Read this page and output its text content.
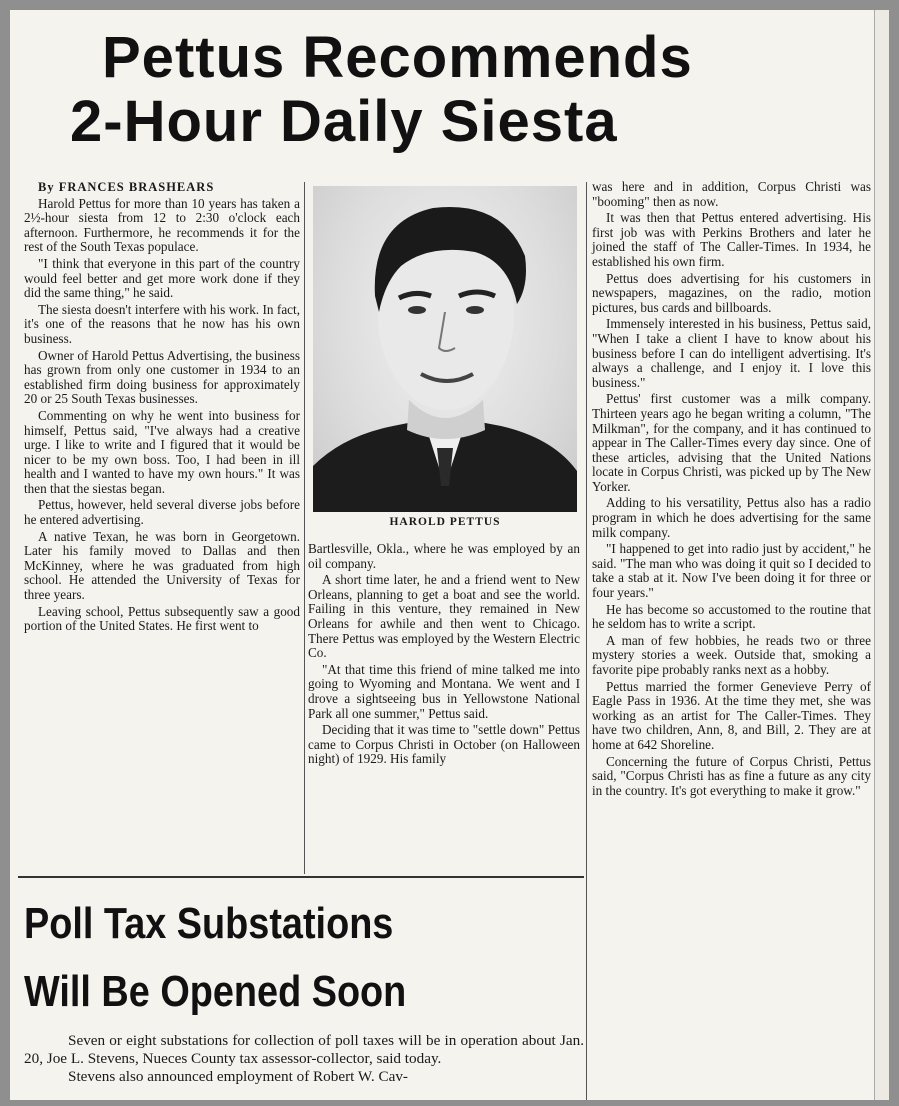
Pettus Recommends
2-Hour Daily Siesta

By FRANCES BRASHEARS

Harold Pettus for more than 10 years has taken a 2½-hour siesta from 12 to 2:30 o'clock each afternoon. Furthermore, he recommends it for the rest of the South Texas populace.

"I think that everyone in this part of the country would feel better and get more work done if they did the same thing," he said.

The siesta doesn't interfere with his work. In fact, it's one of the reasons that he now has his own business.

Owner of Harold Pettus Advertising, the business has grown from only one customer in 1934 to an established firm doing business for approximately 20 or 25 South Texas businesses.

Commenting on why he went into business for himself, Pettus said, "I've always had a creative urge. I like to write and I figured that it would be nicer to be my own boss. Too, I had been in ill health and I wanted to have my own hours." It was then that the siestas began.

Pettus, however, held several diverse jobs before he entered advertising.

A native Texan, he was born in Georgetown. Later his family moved to Dallas and then McKinney, where he was graduated from high school. He attended the University of Texas for three years.

Leaving school, Pettus subsequently saw a good portion of the United States. He first went to

HAROLD PETTUS

Bartlesville, Okla., where he was employed by an oil company.

A short time later, he and a friend went to New Orleans, planning to get a boat and see the world. Failing in this venture, they remained in New Orleans for awhile and then went to Chicago. There Pettus was employed by the Western Electric Co.

"At that time this friend of mine talked me into going to Wyoming and Montana. We went and I drove a sightseeing bus in Yellowstone National Park all one summer," Pettus said.

Deciding that it was time to "settle down" Pettus came to Corpus Christi in October (on Halloween night) of 1929. His family

was here and in addition, Corpus Christi was "booming" then as now.

It was then that Pettus entered advertising. His first job was with Perkins Brothers and later he joined the staff of The Caller-Times. In 1934, he established his own firm.

Pettus does advertising for his customers in newspapers, magazines, on the radio, motion pictures, bus cards and billboards.

Immensely interested in his business, Pettus said, "When I take a client I have to know about his business before I can do intelligent advertising. It's always a challenge, and I enjoy it. I love this business."

Pettus' first customer was a milk company. Thirteen years ago he began writing a column, "The Milkman", for the company, and it has continued to appear in The Caller-Times every day since. One of these articles, advising that the United Nations locate in Corpus Christi, was picked up by The New Yorker.

Adding to his versatility, Pettus also has a radio program in which he does advertising for the same milk company.

"I happened to get into radio just by accident," he said. "The man who was doing it quit so I decided to take a stab at it. Now I've been doing it for three or four years."

He has become so accustomed to the routine that he seldom has to write a script.

A man of few hobbies, he reads two or three mystery stories a week. Outside that, smoking a favorite pipe probably ranks next as a hobby.

Pettus married the former Genevieve Perry of Eagle Pass in 1936. At the time they met, she was working as an artist for The Caller-Times. They have two children, Ann, 8, and Bill, 2. They are at home at 642 Shoreline.

Concerning the future of Corpus Christi, Pettus said, "Corpus Christi has as fine a future as any city in the country. It's got everything to make it grow."

Poll Tax Substations
Will Be Opened Soon

Seven or eight substations for collection of poll taxes will be in operation about Jan. 20, Joe L. Stevens, Nueces County tax assessor-collector, said today.

Stevens also announced employment of Robert W. Cav-
